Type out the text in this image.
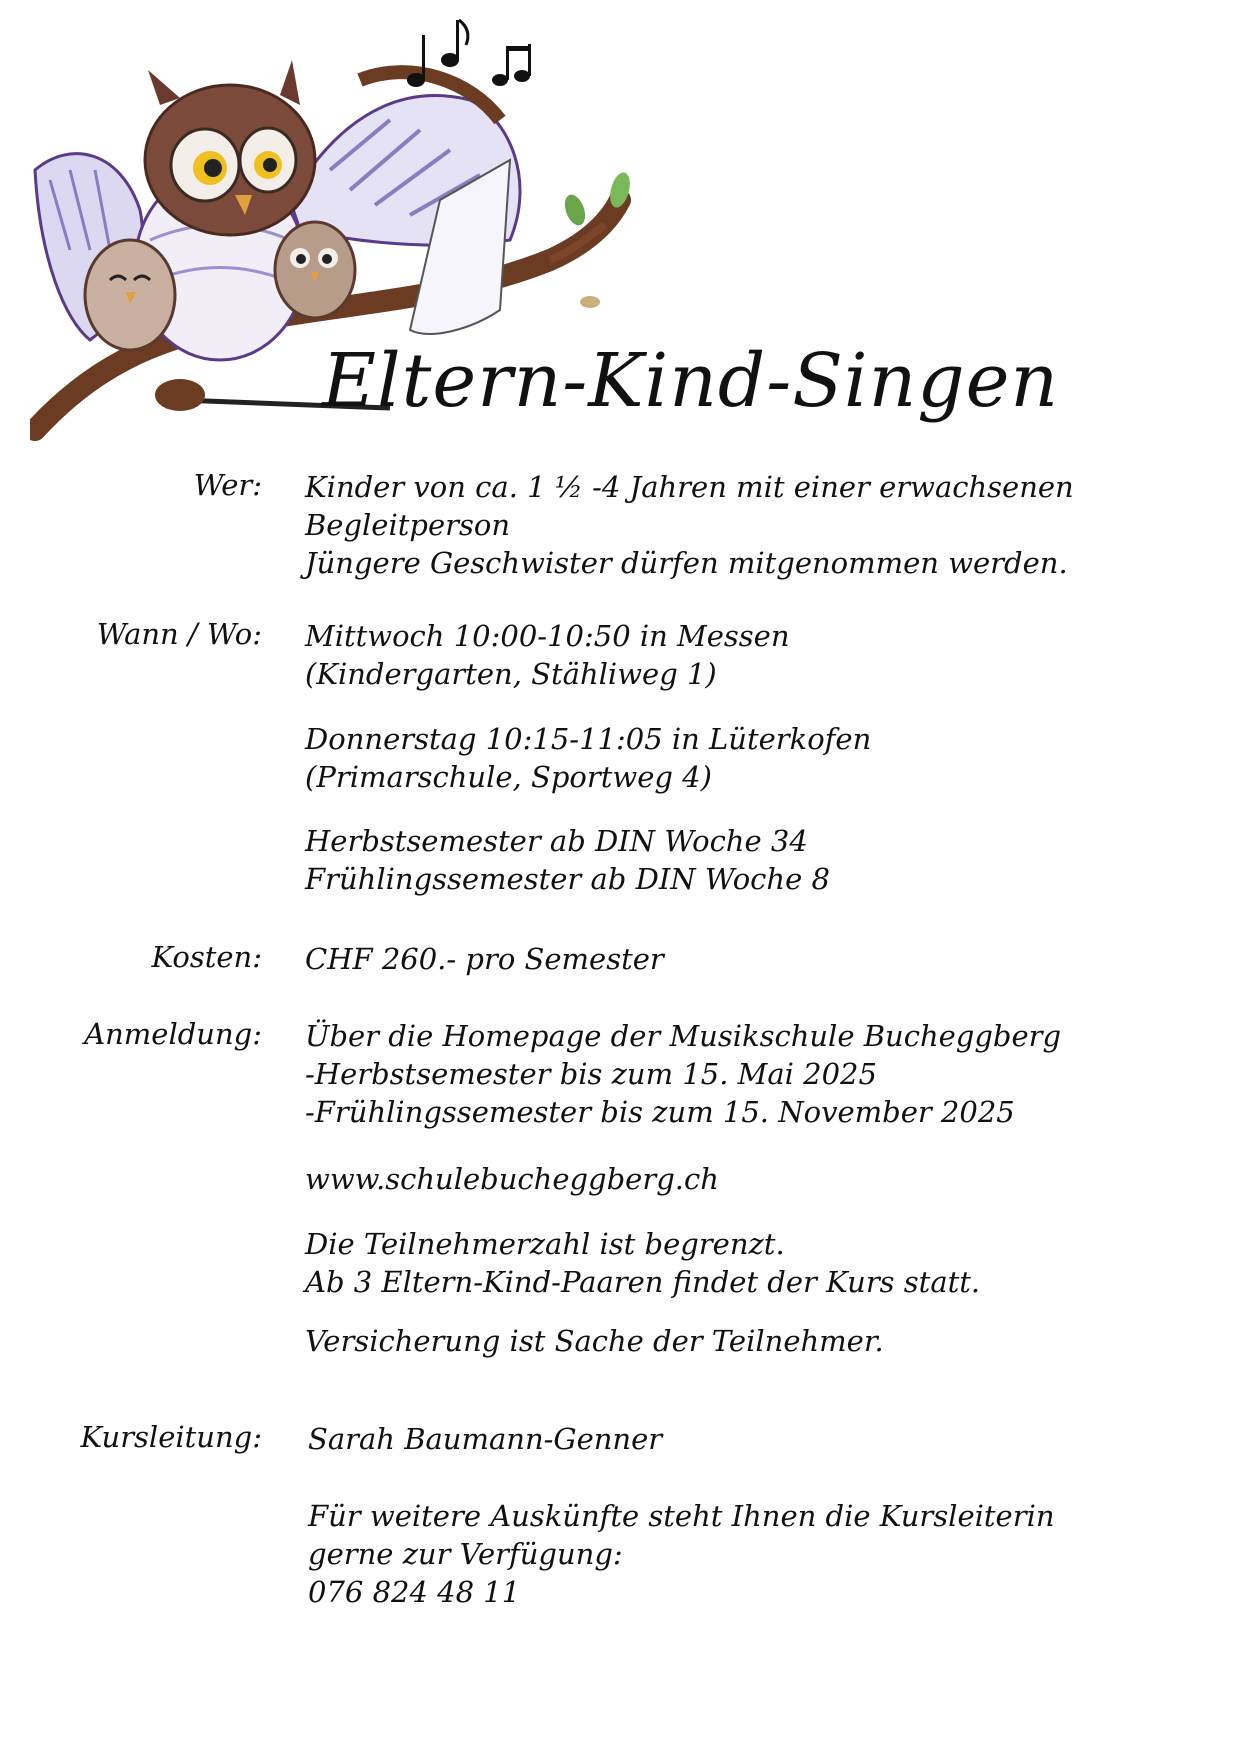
Eltern-Kind-Singen
Wer: Kinder von ca. 1 ½ -4 Jahren mit einer erwachsenen
Begleitperson
Jüngere Geschwister dürfen mitgenommen werden.
Wann / Wo: Mittwoch 10:00-10:50 in Messen
(Kindergarten, Stähliweg 1)
Donnerstag 10:15-11:05 in Lüterkofen
(Primarschule, Sportweg 4)
Herbstsemester ab DIN Woche 34
Frühlingssemester ab DIN Woche 8
Kosten: CHF 260.- pro Semester
Anmeldung: Über die Homepage der Musikschule Bucheggberg
-Herbstsemester bis zum 15. Mai 2025
-Frühlingssemester bis zum 15. November 2025
www.schulebucheggberg.ch
Die Teilnehmerzahl ist begrenzt.
Ab 3 Eltern-Kind-Paaren findet der Kurs statt.
Versicherung ist Sache der Teilnehmer.
Kursleitung: Sarah Baumann-Genner
Für weitere Auskünfte steht Ihnen die Kursleiterin
gerne zur Verfügung:
076 824 48 11
